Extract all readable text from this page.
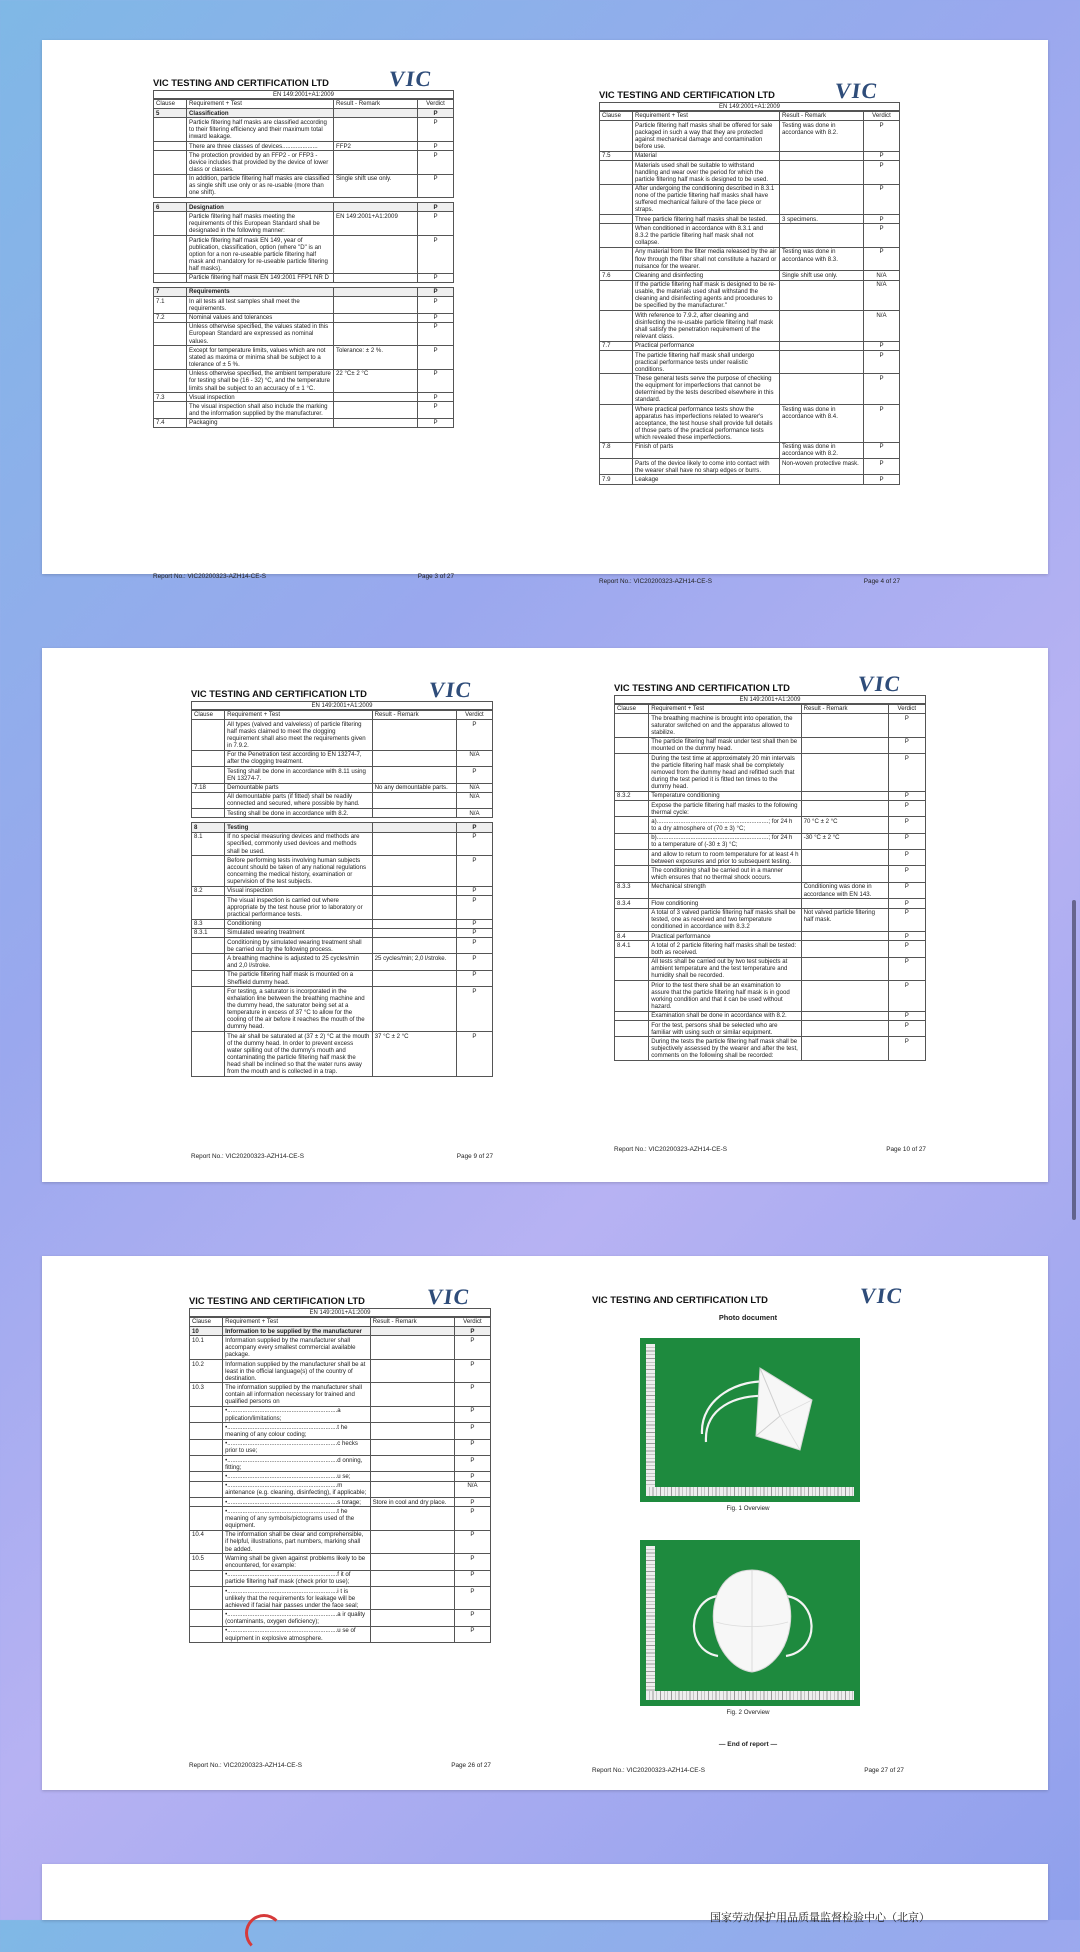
VIC TESTING AND CERTIFICATION LTD	VIC
EN 149:2001+A1:2009
Clause	Requirement + Test	Result - Remark	Verdict
5	Classification		P
	Particle filtering half masks are classified according to their filtering efficiency and their maximum total inward leakage.		P
	There are three classes of devices.....................	FFP2	P
	The protection provided by an FFP2 - or FFP3 - device includes that provided by the device of lower class or classes.		P
	In addition, particle filtering half masks are classified as single shift use only or as re-usable (more than one shift).	Single shift use only.	P

6	Designation		P
	Particle filtering half masks meeting the requirements of this European Standard shall be designated in the following manner:	EN 149:2001+A1:2009	P
	Particle filtering half mask EN 149, year of publication, classification, option (where "D" is an option for a non re-useable particle filtering half mask and mandatory for re-useable particle filtering half masks).		P
	Particle filtering half mask EN 149:2001 FFP1 NR D		P

7	Requirements		P
7.1	In all tests all test samples shall meet the requirements.		P
7.2	Nominal values and tolerances		P
	Unless otherwise specified, the values stated in this European Standard are expressed as nominal values.		P
	Except for temperature limits, values which are not stated as maxima or minima shall be subject to a tolerance of ± 5 %.	Tolerance: ± 2 %.	P
	Unless otherwise specified, the ambient temperature for testing shall be (16 - 32) °C, and the temperature limits shall be subject to an accuracy of ± 1 °C.	22 °C± 2 °C	P
7.3	Visual inspection		P
	The visual inspection shall also include the marking and the information supplied by the manufacturer.		P
7.4	Packaging		P
Report No.: VIC20200323-AZH14-CE-S	Page 3 of 27
VIC TESTING AND CERTIFICATION LTD	VIC
EN 149:2001+A1:2009
Clause	Requirement + Test	Result - Remark	Verdict
	Particle filtering half masks shall be offered for sale packaged in such a way that they are protected against mechanical damage and contamination before use.	Testing was done in accordance with 8.2.	P
7.5	Material		P
	Materials used shall be suitable to withstand handling and wear over the period for which the particle filtering half mask is designed to be used.		P
	After undergoing the conditioning described in 8.3.1 none of the particle filtering half masks shall have suffered mechanical failure of the face piece or straps.		P
	Three particle filtering half masks shall be tested.	3 specimens.	P
	When conditioned in accordance with 8.3.1 and 8.3.2 the particle filtering half mask shall not collapse.		P
	Any material from the filter media released by the air flow through the filter shall not constitute a hazard or nuisance for the wearer.	Testing was done in accordance with 8.3.	P
7.6	Cleaning and disinfecting	Single shift use only.	N/A
	If the particle filtering half mask is designed to be re-usable, the materials used shall withstand the cleaning and disinfecting agents and procedures to be specified by the manufacturer."		N/A
	With reference to 7.9.2, after cleaning and disinfecting the re-usable particle filtering half mask shall satisfy the penetration requirement of the relevant class.		N/A
7.7	Practical performance		P
	The particle filtering half mask shall undergo practical performance tests under realistic conditions.		P
	These general tests serve the purpose of checking the equipment for imperfections that cannot be determined by the tests described elsewhere in this standard.		P
	Where practical performance tests show the apparatus has imperfections related to wearer's acceptance, the test house shall provide full details of those parts of the practical performance tests which revealed these imperfections.	Testing was done in accordance with 8.4.	P
7.8	Finish of parts	Testing was done in accordance with 8.2.	P
	Parts of the device likely to come into contact with the wearer shall have no sharp edges or burrs.	Non-woven protective mask.	P
7.9	Leakage		P
Report No.: VIC20200323-AZH14-CE-S	Page 4 of 27
VIC TESTING AND CERTIFICATION LTD	VIC
EN 149:2001+A1:2009
Clause	Requirement + Test	Result - Remark	Verdict
	All types (valved and valveless) of particle filtering half masks claimed to meet the clogging requirement shall also meet the requirements given in 7.9.2.		P
	For the Penetration test according to EN 13274-7, after the clogging treatment.		N/A
	Testing shall be done in accordance with 8.11 using EN 13274-7.		P
7.18	Demountable parts	No any demountable parts.	N/A
	All demountable parts (if fitted) shall be readily connected and secured, where possible by hand.		N/A
	Testing shall be done in accordance with 8.2.		N/A

8	Testing		P
8.1	If no special measuring devices and methods are specified, commonly used devices and methods shall be used.		P
	Before performing tests involving human subjects account should be taken of any national regulations concerning the medical history, examination or supervision of the test subjects.		P
8.2	Visual inspection		P
	The visual inspection is carried out where appropriate by the test house prior to laboratory or practical performance tests.		P
8.3	Conditioning		P
8.3.1	Simulated wearing treatment		P
	Conditioning by simulated wearing treatment shall be carried out by the following process.		P
	A breathing machine is adjusted to 25 cycles/min and 2,0 l/stroke.	25 cycles/min; 2,0 l/stroke.	P
	The particle filtering half mask is mounted on a Sheffield dummy head.		P
	For testing, a saturator is incorporated in the exhalation line between the breathing machine and the dummy head, the saturator being set at a temperature in excess of 37 °C to allow for the cooling of the air before it reaches the mouth of the dummy head.		P
	The air shall be saturated at (37 ± 2) °C at the mouth of the dummy head. In order to prevent excess water spilling out of the dummy's mouth and contaminating the particle filtering half mask the head shall be inclined so that the water runs away from the mouth and is collected in a trap.	37 °C ± 2 °C	P
Report No.: VIC20200323-AZH14-CE-S	Page 9 of 27
VIC TESTING AND CERTIFICATION LTD	VIC
EN 149:2001+A1:2009
Clause	Requirement + Test	Result - Remark	Verdict
	The breathing machine is brought into operation, the saturator switched on and the apparatus allowed to stabilize.		P
	The particle filtering half mask under test shall then be mounted on the dummy head.		P
	During the test time at approximately 20 min intervals the particle filtering half mask shall be completely removed from the dummy head and refitted such that during the test period it is fitted ten times to the dummy head.		P
8.3.2	Temperature conditioning		P
	Expose the particle filtering half masks to the following thermal cycle:		P
	a)..................................................................; for 24 h to a dry atmosphere of (70 ± 3) °C;	70 °C ± 2 °C	P
	b)..................................................................; for 24 h to a temperature of (-30 ± 3) °C;	-30 °C ± 2 °C	P
	and allow to return to room temperature for at least 4 h between exposures and prior to subsequent testing.		P
	The conditioning shall be carried out in a manner which ensures that no thermal shock occurs.		P
8.3.3	Mechanical strength	Conditioning was done in accordance with EN 143.	P
8.3.4	Flow conditioning		P
	A total of 3 valved particle filtering half masks shall be tested, one as received and two temperature conditioned in accordance with 8.3.2	Not valved particle filtering half mask.	P
8.4	Practical performance		P
8.4.1	A total of 2 particle filtering half masks shall be tested: both as received.		P
	All tests shall be carried out by two test subjects at ambient temperature and the test temperature and humidity shall be recorded.		P
	Prior to the test there shall be an examination to assure that the particle filtering half mask is in good working condition and that it can be used without hazard.		P
	Examination shall be done in accordance with 8.2.		P
	For the test, persons shall be selected who are familiar with using such or similar equipment.		P
	During the tests the particle filtering half mask shall be subjectively assessed by the wearer and after the test, comments on the following shall be recorded:		P
Report No.: VIC20200323-AZH14-CE-S	Page 10 of 27
VIC TESTING AND CERTIFICATION LTD	VIC
EN 149:2001+A1:2009
Clause	Requirement + Test	Result - Remark	Verdict
10	Information to be supplied by the manufacturer		P
10.1	Information supplied by the manufacturer shall accompany every smallest commercial available package.		P
10.2	Information supplied by the manufacturer shall be at least in the official language(s) of the country of destination.		P
10.3	The information supplied by the manufacturer shall contain all information necessary for trained and qualified persons on		P
	•.................................................................a pplication/limitations;		P
	•.................................................................t he meaning of any colour coding;		P
	•.................................................................c hecks prior to use;		P
	•.................................................................d onning, fitting;		P
	•.................................................................u se;		P
	•.................................................................m aintenance (e.g. cleaning, disinfecting), if applicable;		N/A
	•.................................................................s torage;	Store in cool and dry place.	P
	•.................................................................t he meaning of any symbols/pictograms used of the equipment.		P
10.4	The information shall be clear and comprehensible, if helpful, illustrations, part numbers, marking shall be added.		P
10.5	Warning shall be given against problems likely to be encountered, for example:		P
	•.................................................................f it of particle filtering half mask (check prior to use);		P
	•.................................................................i t is unlikely that the requirements for leakage will be achieved if facial hair passes under the face seal;		P
	•.................................................................a ir quality (contaminants, oxygen deficiency);		P
	•.................................................................u se of equipment in explosive atmosphere.		P
Report No.: VIC20200323-AZH14-CE-S	Page 26 of 27
VIC TESTING AND CERTIFICATION LTD	VIC
Photo document
Fig. 1 Overview
Fig. 2 Overview
— End of report —
Report No.: VIC20200323-AZH14-CE-S	Page 27 of 27
国家劳动保护用品质量监督检验中心（北京）
